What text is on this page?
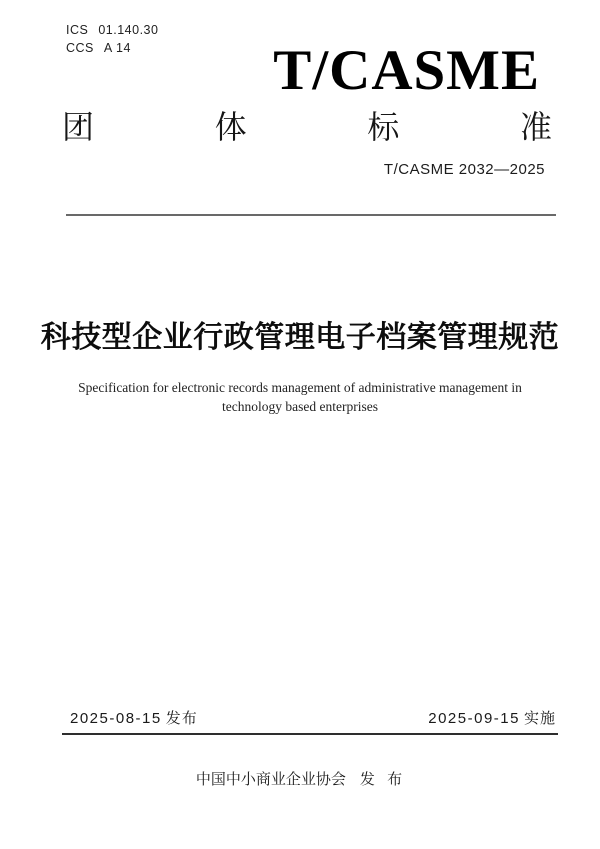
ICS 01.140.30
CCS A 14	T/CASME
团	体	标	准
T/CASME 2032—2025
科技型企业行政管理电子档案管理规范
Specification for electronic records management of administrative management in
technology based enterprises
2025-08-15 发布	2025-09-15 实施
中国中小商业企业协会 发 布
